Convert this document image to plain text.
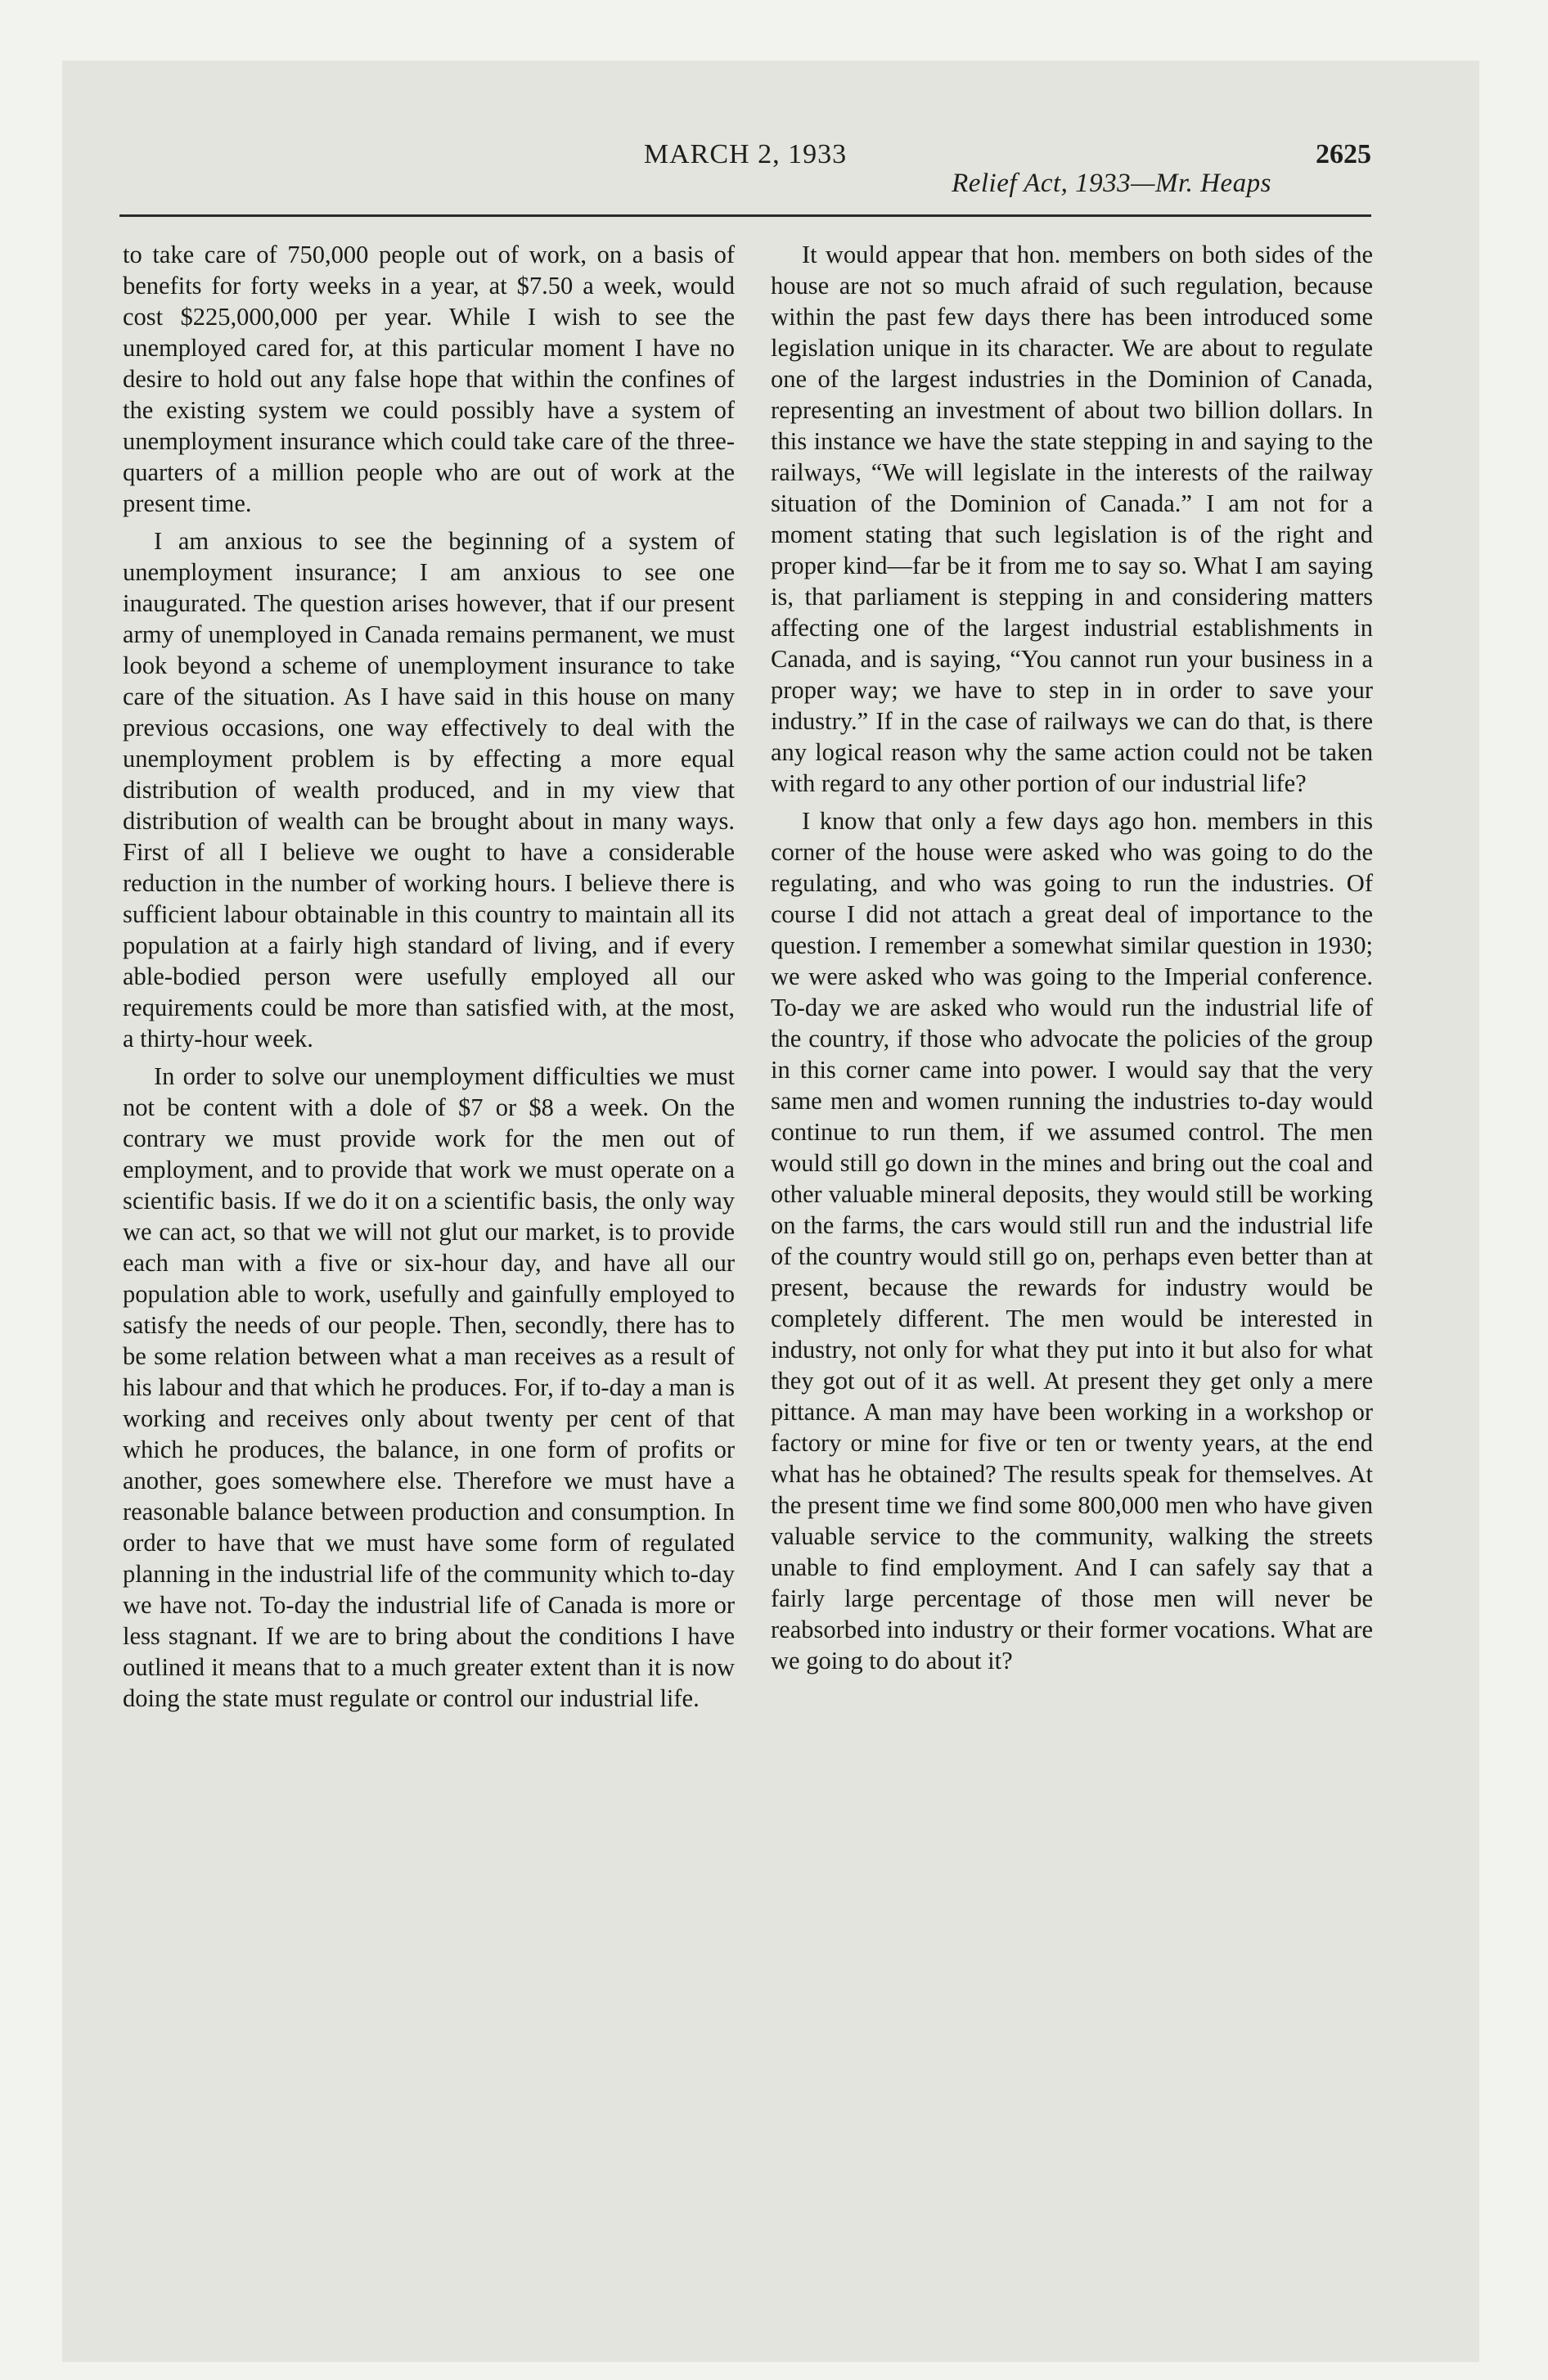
MARCH 2, 1933	2625
Relief Act, 1933—Mr. Heaps

to take care of 750,000 people out of work, on a basis of benefits for forty weeks in a year, at $7.50 a week, would cost $225,000,000 per year. While I wish to see the unemployed cared for, at this particular moment I have no desire to hold out any false hope that within the confines of the existing system we could possibly have a system of unemployment insurance which could take care of the three-quarters of a million people who are out of work at the present time.

I am anxious to see the beginning of a system of unemployment insurance; I am anxious to see one inaugurated. The question arises however, that if our present army of unemployed in Canada remains permanent, we must look beyond a scheme of unemployment insurance to take care of the situation. As I have said in this house on many previous occasions, one way effectively to deal with the unemployment problem is by effecting a more equal distribution of wealth produced, and in my view that distribution of wealth can be brought about in many ways. First of all I believe we ought to have a considerable reduction in the number of working hours. I believe there is sufficient labour obtainable in this country to maintain all its population at a fairly high standard of living, and if every able-bodied person were usefully employed all our requirements could be more than satisfied with, at the most, a thirty-hour week.

In order to solve our unemployment difficulties we must not be content with a dole of $7 or $8 a week. On the contrary we must provide work for the men out of employment, and to provide that work we must operate on a scientific basis. If we do it on a scientific basis, the only way we can act, so that we will not glut our market, is to provide each man with a five or six-hour day, and have all our population able to work, usefully and gainfully employed to satisfy the needs of our people. Then, secondly, there has to be some relation between what a man receives as a result of his labour and that which he produces. For, if to-day a man is working and receives only about twenty per cent of that which he produces, the balance, in one form of profits or another, goes somewhere else. Therefore we must have a reasonable balance between production and consumption. In order to have that we must have some form of regulated planning in the industrial life of the community which to-day we have not. To-day the industrial life of Canada is more or less stagnant. If we are to bring about the conditions I have outlined it means that to a much greater extent than it is now doing the state must regulate or control our industrial life.

It would appear that hon. members on both sides of the house are not so much afraid of such regulation, because within the past few days there has been introduced some legislation unique in its character. We are about to regulate one of the largest industries in the Dominion of Canada, representing an investment of about two billion dollars. In this instance we have the state stepping in and saying to the railways, “We will legislate in the interests of the railway situation of the Dominion of Canada.” I am not for a moment stating that such legislation is of the right and proper kind—far be it from me to say so. What I am saying is, that parliament is stepping in and considering matters affecting one of the largest industrial establishments in Canada, and is saying, “You cannot run your business in a proper way; we have to step in in order to save your industry.” If in the case of railways we can do that, is there any logical reason why the same action could not be taken with regard to any other portion of our industrial life?

I know that only a few days ago hon. members in this corner of the house were asked who was going to do the regulating, and who was going to run the industries. Of course I did not attach a great deal of importance to the question. I remember a somewhat similar question in 1930; we were asked who was going to the Imperial conference. To-day we are asked who would run the industrial life of the country, if those who advocate the policies of the group in this corner came into power. I would say that the very same men and women running the industries to-day would continue to run them, if we assumed control. The men would still go down in the mines and bring out the coal and other valuable mineral deposits, they would still be working on the farms, the cars would still run and the industrial life of the country would still go on, perhaps even better than at present, because the rewards for industry would be completely different. The men would be interested in industry, not only for what they put into it but also for what they got out of it as well. At present they get only a mere pittance. A man may have been working in a workshop or factory or mine for five or ten or twenty years, at the end what has he obtained? The results speak for themselves. At the present time we find some 800,000 men who have given valuable service to the community, walking the streets unable to find employment. And I can safely say that a fairly large percentage of those men will never be reabsorbed into industry or their former vocations. What are we going to do about it?
